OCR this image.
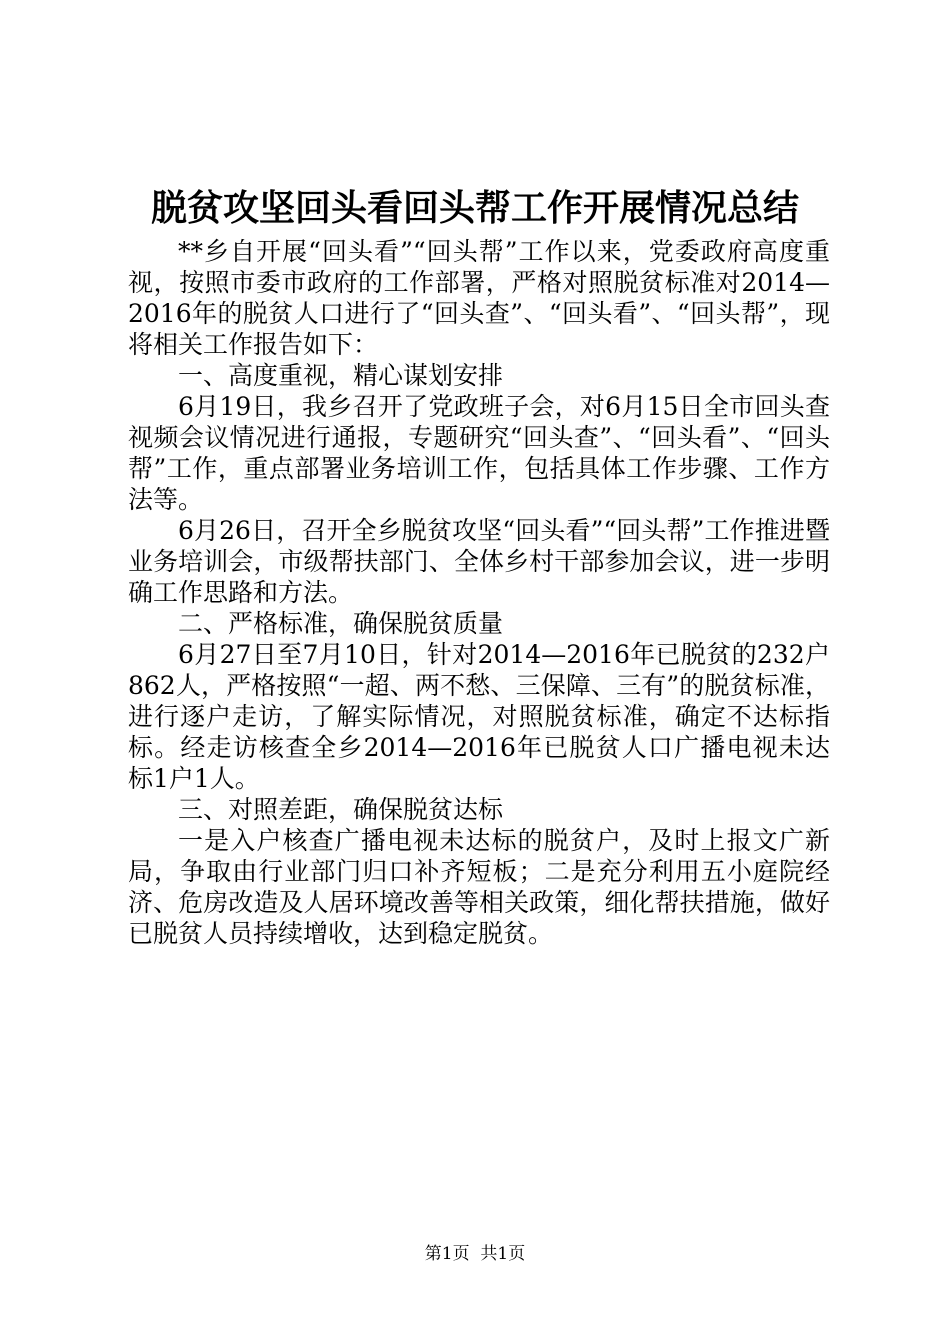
脱贫攻坚回头看回头帮工作开展情况总结

**乡自开展“回头看”“回头帮”工作以来，党委政府高度重视，按照市委市政府的工作部署，严格对照脱贫标准对2014—2016年的脱贫人口进行了“回头查”、“回头看”、“回头帮”，现将相关工作报告如下：

一、高度重视，精心谋划安排

6月19日，我乡召开了党政班子会，对6月15日全市回头查视频会议情况进行通报，专题研究“回头查”、“回头看”、“回头帮”工作，重点部署业务培训工作，包括具体工作步骤、工作方法等。

6月26日，召开全乡脱贫攻坚“回头看”“回头帮”工作推进暨业务培训会，市级帮扶部门、全体乡村干部参加会议，进一步明确工作思路和方法。

二、严格标准，确保脱贫质量

6月27日至7月10日，针对2014—2016年已脱贫的232户862人，严格按照“一超、两不愁、三保障、三有”的脱贫标准，进行逐户走访，了解实际情况，对照脱贫标准，确定不达标指标。经走访核查全乡2014—2016年已脱贫人口广播电视未达标1户1人。

三、对照差距，确保脱贫达标

一是入户核查广播电视未达标的脱贫户，及时上报文广新局，争取由行业部门归口补齐短板；二是充分利用五小庭院经济、危房改造及人居环境改善等相关政策，细化帮扶措施，做好已脱贫人员持续增收，达到稳定脱贫。

第1页 共1页
